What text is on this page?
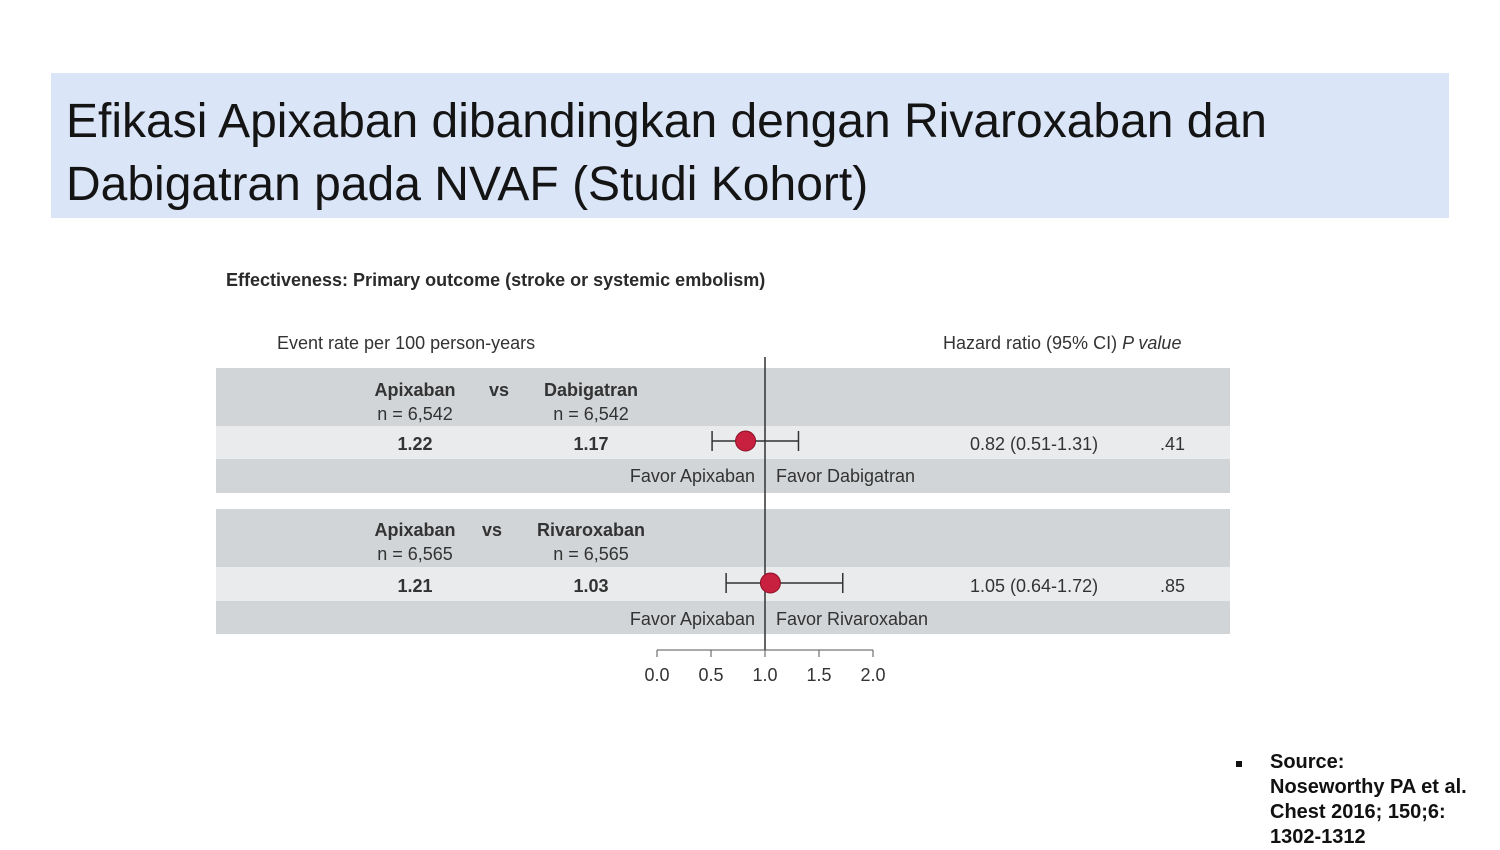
Efikasi Apixaban dibandingkan dengan Rivaroxaban dan
Dabigatran pada NVAF (Studi Kohort)
Effectiveness: Primary outcome (stroke or systemic embolism)
Event rate per 100 person-years	Hazard ratio (95% CI) P value
Apixaban vs Dabigatran
n = 6,542	n = 6,542
1.22	1.17	0.82 (0.51-1.31)	.41
Favor Apixaban Favor Dabigatran
Apixaban vs Rivaroxaban
n = 6,565	n = 6,565
1.21	1.03	1.05 (0.64-1.72)	.85
Favor Apixaban Favor Rivaroxaban
0.0 0.5 1.0 1.5 2.0
Source:
Noseworthy PA et al. Chest 2016; 150;6: 1302-1312
